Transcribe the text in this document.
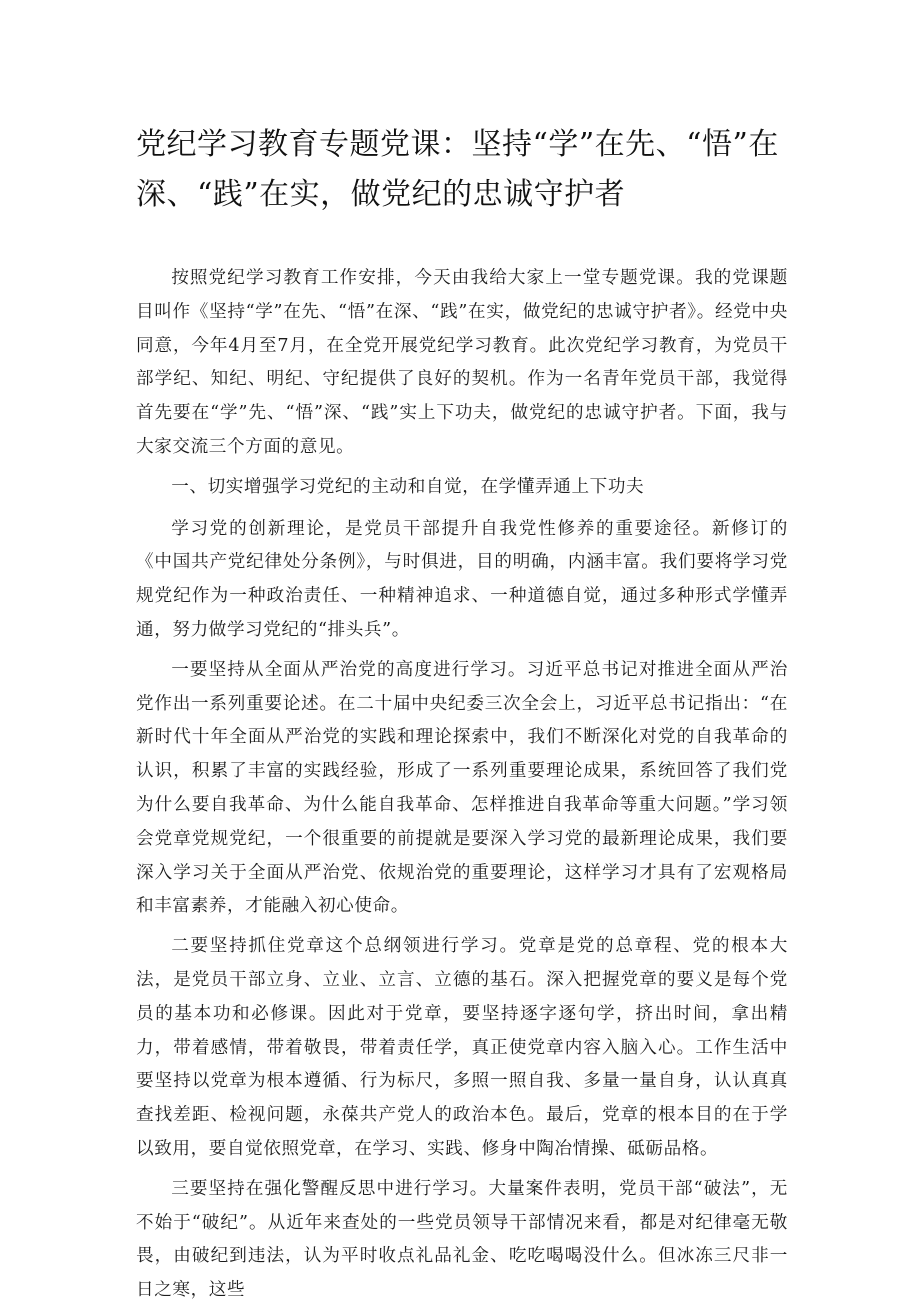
党纪学习教育专题党课：坚持“学”在先、“悟”在深、“践”在实，做党纪的忠诚守护者

按照党纪学习教育工作安排，今天由我给大家上一堂专题党课。我的党课题目叫作《坚持“学”在先、“悟”在深、“践”在实，做党纪的忠诚守护者》。经党中央同意，今年4月至7月，在全党开展党纪学习教育。此次党纪学习教育，为党员干部学纪、知纪、明纪、守纪提供了良好的契机。作为一名青年党员干部，我觉得首先要在“学”先、“悟”深、“践”实上下功夫，做党纪的忠诚守护者。下面，我与大家交流三个方面的意见。

一、切实增强学习党纪的主动和自觉，在学懂弄通上下功夫

学习党的创新理论，是党员干部提升自我党性修养的重要途径。新修订的《中国共产党纪律处分条例》，与时俱进，目的明确，内涵丰富。我们要将学习党规党纪作为一种政治责任、一种精神追求、一种道德自觉，通过多种形式学懂弄通，努力做学习党纪的“排头兵”。

一要坚持从全面从严治党的高度进行学习。习近平总书记对推进全面从严治党作出一系列重要论述。在二十届中央纪委三次全会上，习近平总书记指出：“在新时代十年全面从严治党的实践和理论探索中，我们不断深化对党的自我革命的认识，积累了丰富的实践经验，形成了一系列重要理论成果，系统回答了我们党为什么要自我革命、为什么能自我革命、怎样推进自我革命等重大问题。”学习领会党章党规党纪，一个很重要的前提就是要深入学习党的最新理论成果，我们要深入学习关于全面从严治党、依规治党的重要理论，这样学习才具有了宏观格局和丰富素养，才能融入初心使命。

二要坚持抓住党章这个总纲领进行学习。党章是党的总章程、党的根本大法，是党员干部立身、立业、立言、立德的基石。深入把握党章的要义是每个党员的基本功和必修课。因此对于党章，要坚持逐字逐句学，挤出时间，拿出精力，带着感情，带着敬畏，带着责任学，真正使党章内容入脑入心。工作生活中要坚持以党章为根本遵循、行为标尺，多照一照自我、多量一量自身，认认真真查找差距、检视问题，永葆共产党人的政治本色。最后，党章的根本目的在于学以致用，要自觉依照党章，在学习、实践、修身中陶冶情操、砥砺品格。

三要坚持在强化警醒反思中进行学习。大量案件表明，党员干部“破法”，无不始于“破纪”。从近年来查处的一些党员领导干部情况来看，都是对纪律毫无敬畏，由破纪到违法，认为平时收点礼品礼金、吃吃喝喝没什么。但冰冻三尺非一日之寒，这些
